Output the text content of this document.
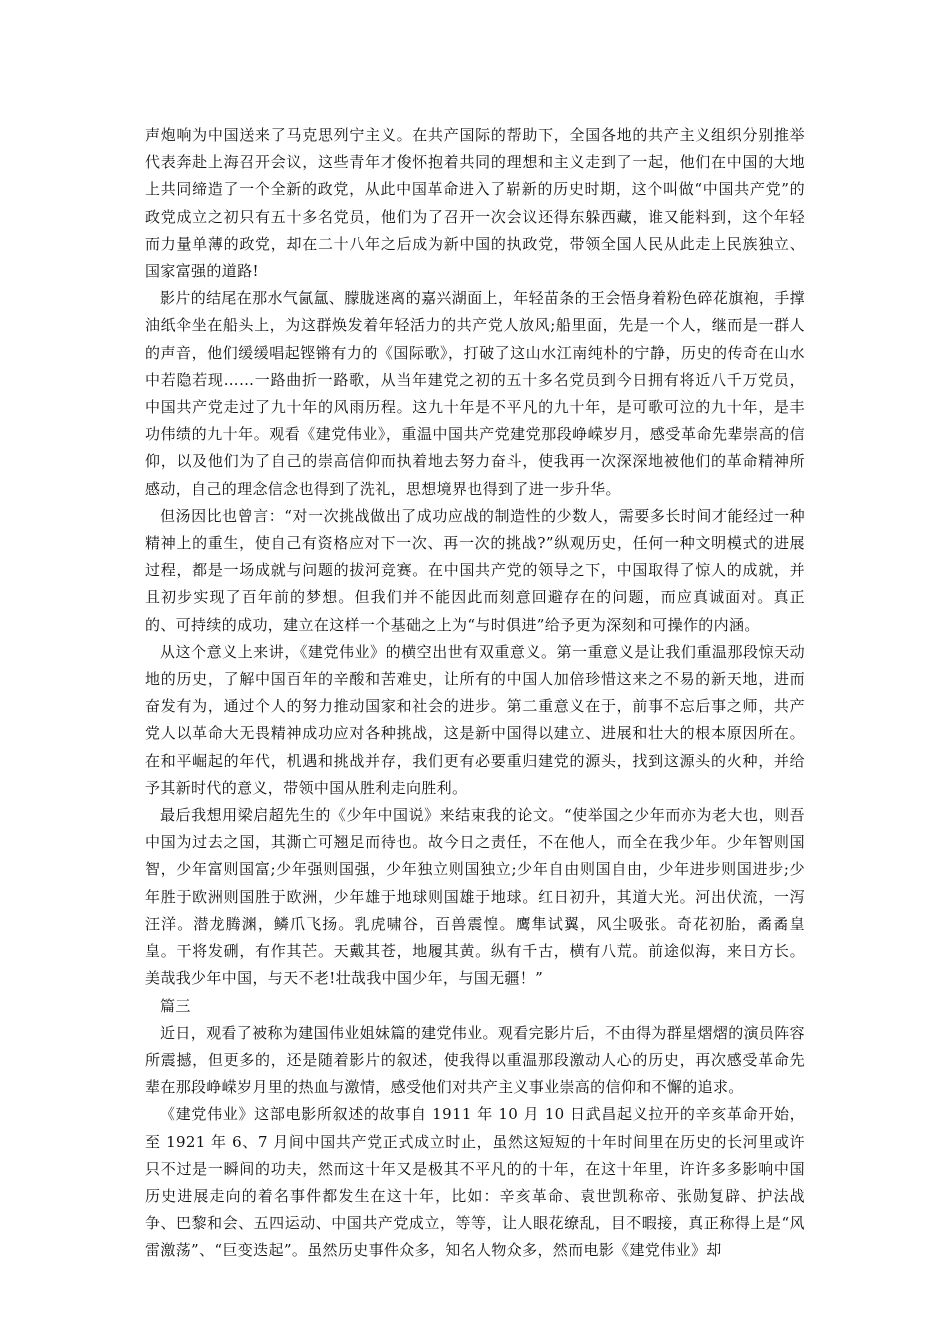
声炮响为中国送来了马克思列宁主义。在共产国际的帮助下，全国各地的共产主义组织分别推举代表奔赴上海召开会议，这些青年才俊怀抱着共同的理想和主义走到了一起，他们在中国的大地上共同缔造了一个全新的政党，从此中国革命进入了崭新的历史时期，这个叫做“中国共产党”的政党成立之初只有五十多名党员，他们为了召开一次会议还得东躲西藏，谁又能料到，这个年轻而力量单薄的政党，却在二十八年之后成为新中国的执政党，带领全国人民从此走上民族独立、国家富强的道路!

影片的结尾在那水气氤氲、朦胧迷离的嘉兴湖面上，年轻苗条的王会悟身着粉色碎花旗袍，手撑油纸伞坐在船头上，为这群焕发着年轻活力的共产党人放风;船里面，先是一个人，继而是一群人的声音，他们缓缓唱起铿锵有力的《国际歌》，打破了这山水江南纯朴的宁静，历史的传奇在山水中若隐若现……一路曲折一路歌，从当年建党之初的五十多名党员到今日拥有将近八千万党员，中国共产党走过了九十年的风雨历程。这九十年是不平凡的九十年，是可歌可泣的九十年，是丰功伟绩的九十年。观看《建党伟业》，重温中国共产党建党那段峥嵘岁月，感受革命先辈崇高的信仰，以及他们为了自己的崇高信仰而执着地去努力奋斗，使我再一次深深地被他们的革命精神所感动，自己的理念信念也得到了洗礼，思想境界也得到了进一步升华。

但汤因比也曾言：“对一次挑战做出了成功应战的制造性的少数人，需要多长时间才能经过一种精神上的重生，使自己有资格应对下一次、再一次的挑战?”纵观历史，任何一种文明模式的进展过程，都是一场成就与问题的拔河竞赛。在中国共产党的领导之下，中国取得了惊人的成就，并且初步实现了百年前的梦想。但我们并不能因此而刻意回避存在的问题，而应真诚面对。真正的、可持续的成功，建立在这样一个基础之上为“与时俱进”给予更为深刻和可操作的内涵。

从这个意义上来讲，《建党伟业》的横空出世有双重意义。第一重意义是让我们重温那段惊天动地的历史，了解中国百年的辛酸和苦难史，让所有的中国人加倍珍惜这来之不易的新天地，进而奋发有为，通过个人的努力推动国家和社会的进步。第二重意义在于，前事不忘后事之师，共产党人以革命大无畏精神成功应对各种挑战，这是新中国得以建立、进展和壮大的根本原因所在。在和平崛起的年代，机遇和挑战并存，我们更有必要重归建党的源头，找到这源头的火种，并给予其新时代的意义，带领中国从胜利走向胜利。

最后我想用梁启超先生的《少年中国说》来结束我的论文。“使举国之少年而亦为老大也，则吾中国为过去之国，其澌亡可翘足而待也。故今日之责任，不在他人，而全在我少年。少年智则国智，少年富则国富;少年强则国强，少年独立则国独立;少年自由则国自由，少年进步则国进步;少年胜于欧洲则国胜于欧洲，少年雄于地球则国雄于地球。红日初升，其道大光。河出伏流，一泻汪洋。潜龙腾渊，鳞爪飞扬。乳虎啸谷，百兽震惶。鹰隼试翼，风尘吸张。奇花初胎，矞矞皇皇。干将发硎，有作其芒。天戴其苍，地履其黄。纵有千古，横有八荒。前途似海，来日方长。美哉我少年中国，与天不老!壮哉我中国少年，与国无疆！”

篇三

近日，观看了被称为建国伟业姐妹篇的建党伟业。观看完影片后，不由得为群星熠熠的演员阵容所震撼，但更多的，还是随着影片的叙述，使我得以重温那段激动人心的历史，再次感受革命先辈在那段峥嵘岁月里的热血与激情，感受他们对共产主义事业崇高的信仰和不懈的追求。

《建党伟业》这部电影所叙述的故事自 1911 年 10 月 10 日武昌起义拉开的辛亥革命开始，至 1921 年 6、7 月间中国共产党正式成立时止，虽然这短短的十年时间里在历史的长河里或许只不过是一瞬间的功夫，然而这十年又是极其不平凡的的十年，在这十年里，许许多多影响中国历史进展走向的着名事件都发生在这十年，比如：辛亥革命、袁世凯称帝、张勋复辟、护法战争、巴黎和会、五四运动、中国共产党成立，等等，让人眼花缭乱，目不暇接，真正称得上是“风雷激荡”、“巨变迭起”。虽然历史事件众多，知名人物众多，然而电影《建党伟业》却
